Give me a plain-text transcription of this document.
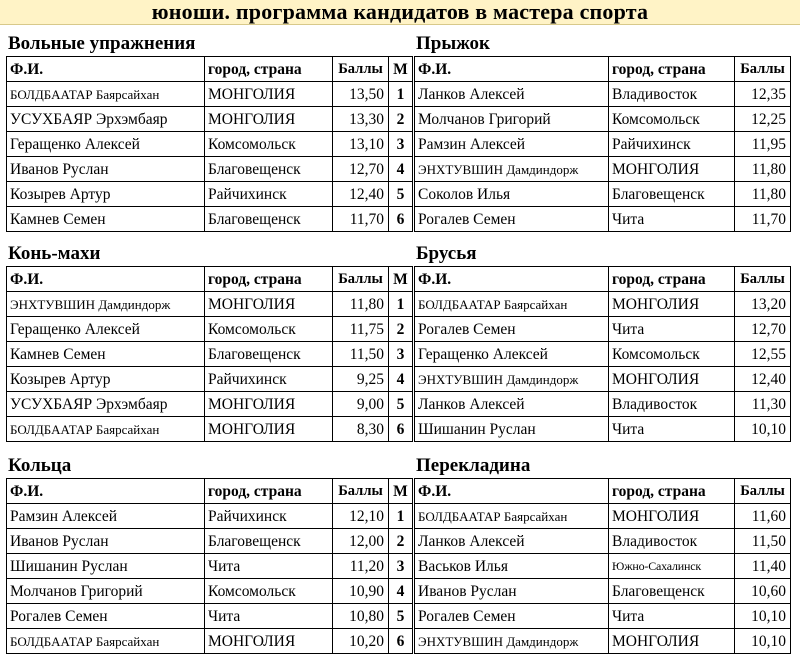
юноши. программа кандидатов в мастера спорта
Вольные упражнения
Ф.И.	город, страна	Баллы	М
БОЛДБААТАР Баярсайхан	МОНГОЛИЯ	13,50	1
УСУХБАЯР Эрхэмбаяр	МОНГОЛИЯ	13,30	2
Геращенко Алексей	Комсомольск	13,10	3
Иванов Руслан	Благовещенск	12,70	4
Козырев Артур	Райчихинск	12,40	5
Камнев Семен	Благовещенск	11,70	6
Конь-махи
Ф.И.	город, страна	Баллы	М
ЭНХТУВШИН Дамдиндорж	МОНГОЛИЯ	11,80	1
Геращенко Алексей	Комсомольск	11,75	2
Камнев Семен	Благовещенск	11,50	3
Козырев Артур	Райчихинск	9,25	4
УСУХБАЯР Эрхэмбаяр	МОНГОЛИЯ	9,00	5
БОЛДБААТАР Баярсайхан	МОНГОЛИЯ	8,30	6
Кольца
Ф.И.	город, страна	Баллы	М
Рамзин Алексей	Райчихинск	12,10	1
Иванов Руслан	Благовещенск	12,00	2
Шишанин Руслан	Чита	11,20	3
Молчанов Григорий	Комсомольск	10,90	4
Рогалев Семен	Чита	10,80	5
БОЛДБААТАР Баярсайхан	МОНГОЛИЯ	10,20	6
Прыжок
Ф.И.	город, страна	Баллы
Ланков Алексей	Владивосток	12,35
Молчанов Григорий	Комсомольск	12,25
Рамзин Алексей	Райчихинск	11,95
ЭНХТУВШИН Дамдиндорж	МОНГОЛИЯ	11,80
Соколов Илья	Благовещенск	11,80
Рогалев Семен	Чита	11,70
Брусья
Ф.И.	город, страна	Баллы
БОЛДБААТАР Баярсайхан	МОНГОЛИЯ	13,20
Рогалев Семен	Чита	12,70
Геращенко Алексей	Комсомольск	12,55
ЭНХТУВШИН Дамдиндорж	МОНГОЛИЯ	12,40
Ланков Алексей	Владивосток	11,30
Шишанин Руслан	Чита	10,10
Перекладина
Ф.И.	город, страна	Баллы
БОЛДБААТАР Баярсайхан	МОНГОЛИЯ	11,60
Ланков Алексей	Владивосток	11,50
Васьков Илья	Южно-Сахалинск	11,40
Иванов Руслан	Благовещенск	10,60
Рогалев Семен	Чита	10,10
ЭНХТУВШИН Дамдиндорж	МОНГОЛИЯ	10,10
